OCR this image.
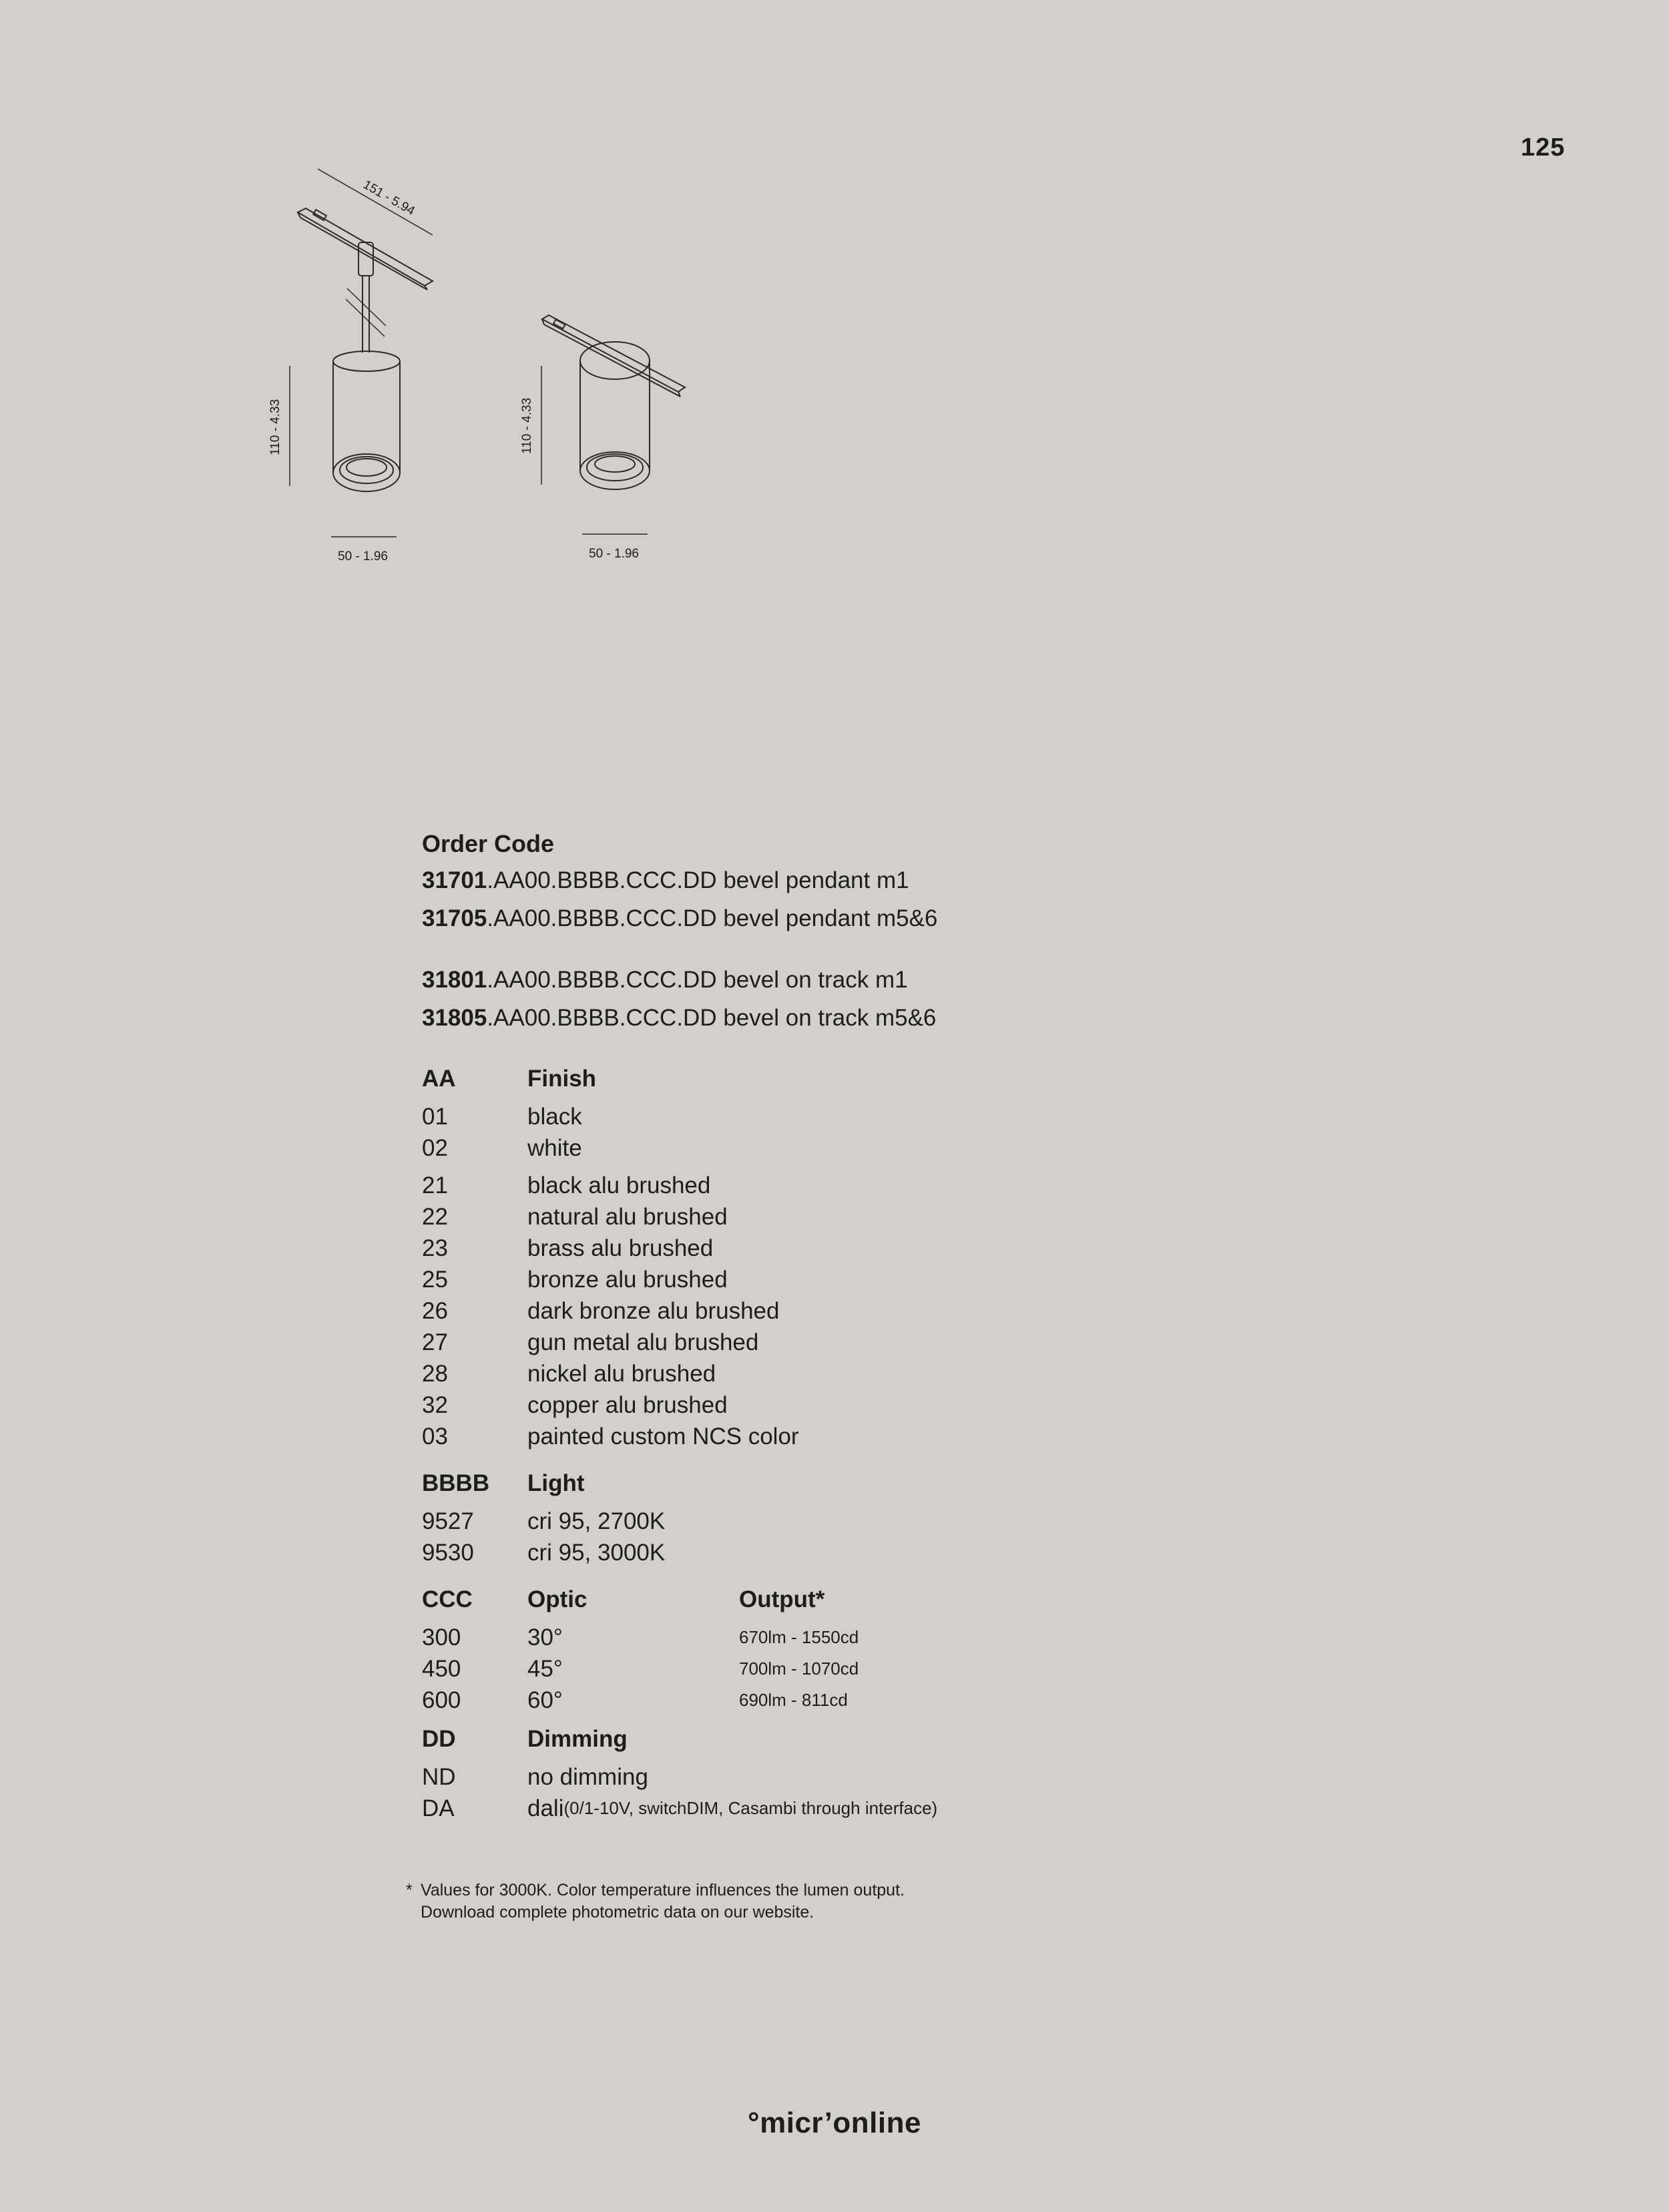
125
151 - 5.94
110 - 4.33
50 - 1.96
110 - 4.33
50 - 1.96
Order Code
31701.AA00.BBBB.CCC.DD bevel pendant m1
31705.AA00.BBBB.CCC.DD bevel pendant m5&6
31801.AA00.BBBB.CCC.DD bevel on track m1
31805.AA00.BBBB.CCC.DD bevel on track m5&6
AA	Finish
01	black
02	white
21	black alu brushed
22	natural alu brushed
23	brass alu brushed
25	bronze alu brushed
26	dark bronze alu brushed
27	gun metal alu brushed
28	nickel alu brushed
32	copper alu brushed
03	painted custom NCS color
BBBB	Light
9527	cri 95, 2700K
9530	cri 95, 3000K
CCC	Optic	Output*
300	30°	670lm - 1550cd
450	45°	700lm - 1070cd
600	60°	690lm - 811cd
DD	Dimming
ND	no dimming
DA	dali (0/1-10V, switchDIM, Casambi through interface)
* Values for 3000K. Color temperature influences the lumen output.
Download complete photometric data on our website.
°micr’online
